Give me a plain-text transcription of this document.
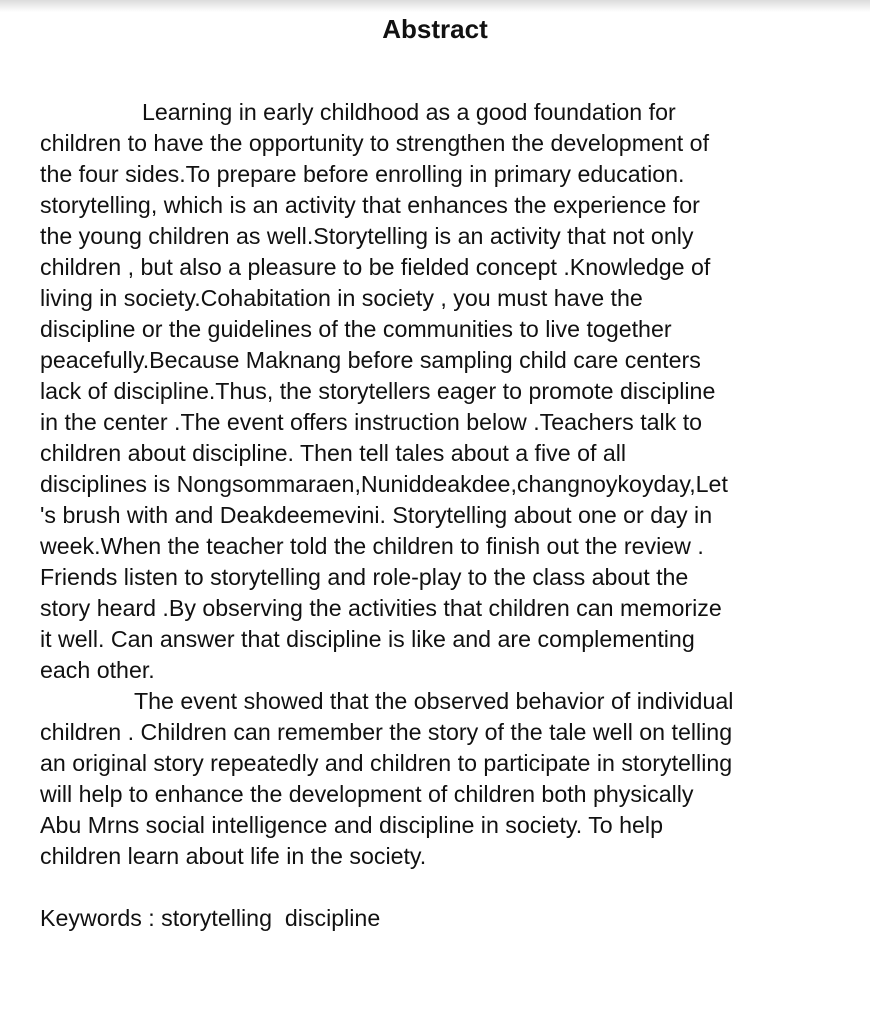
Abstract
Learning in early childhood as a good foundation for
children to have the opportunity to strengthen the development of
the four sides.To prepare before enrolling in primary education.
storytelling, which is an activity that enhances the experience for
the young children as well.Storytelling is an activity that not only
children , but also a pleasure to be fielded concept .Knowledge of
living in society.Cohabitation in society , you must have the
discipline or the guidelines of the communities to live together
peacefully.Because Maknang before sampling child care centers
lack of discipline.Thus, the storytellers eager to promote discipline
in the center .The event offers instruction below .Teachers talk to
children about discipline. Then tell tales about a five of all
disciplines is Nongsommaraen,Nuniddeakdee,changnoykoyday,Let
's brush with and Deakdeemevini. Storytelling about one or day in
week.When the teacher told the children to finish out the review .
Friends listen to storytelling and role-play to the class about the
story heard .By observing the activities that children can memorize
it well. Can answer that discipline is like and are complementing
each other.
The event showed that the observed behavior of individual
children . Children can remember the story of the tale well on telling
an original story repeatedly and children to participate in storytelling
will help to enhance the development of children both physically
Abu Mrns social intelligence and discipline in society. To help
children learn about life in the society.
Keywords : storytelling  discipline
